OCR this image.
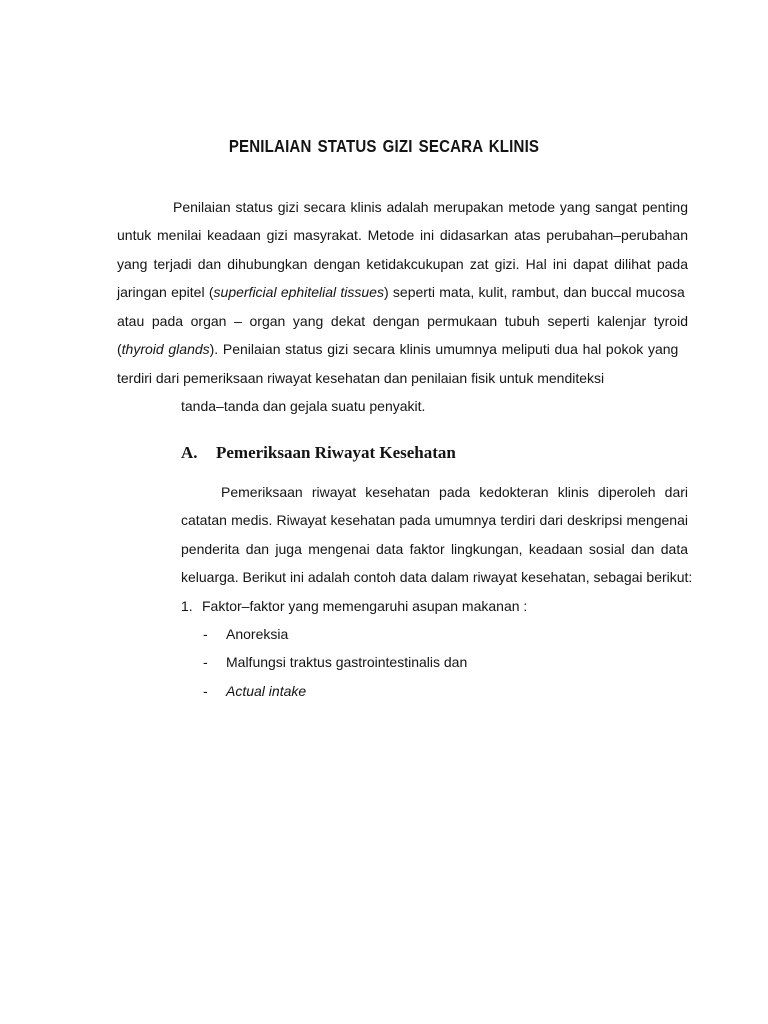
PENILAIAN STATUS GIZI SECARA KLINIS
Penilaian status gizi secara klinis adalah merupakan metode yang sangat penting
untuk menilai keadaan gizi masyrakat. Metode ini didasarkan atas perubahan–perubahan
yang terjadi dan dihubungkan dengan ketidakcukupan zat gizi. Hal ini dapat dilihat pada
jaringan epitel (superficial ephitelial tissues) seperti mata, kulit, rambut, dan buccal mucosa
atau pada organ – organ yang dekat dengan permukaan tubuh seperti kalenjar tyroid
(thyroid glands). Penilaian status gizi secara klinis umumnya meliputi dua hal pokok yang
terdiri dari pemeriksaan riwayat kesehatan dan penilaian fisik untuk menditeksi
tanda–tanda dan gejala suatu penyakit.
A. Pemeriksaan Riwayat Kesehatan
Pemeriksaan riwayat kesehatan pada kedokteran klinis diperoleh dari
catatan medis. Riwayat kesehatan pada umumnya terdiri dari deskripsi mengenai
penderita dan juga mengenai data faktor lingkungan, keadaan sosial dan data
keluarga. Berikut ini adalah contoh data dalam riwayat kesehatan, sebagai berikut:
1. Faktor–faktor yang memengaruhi asupan makanan :
- Anoreksia
- Malfungsi traktus gastrointestinalis dan
- Actual intake
